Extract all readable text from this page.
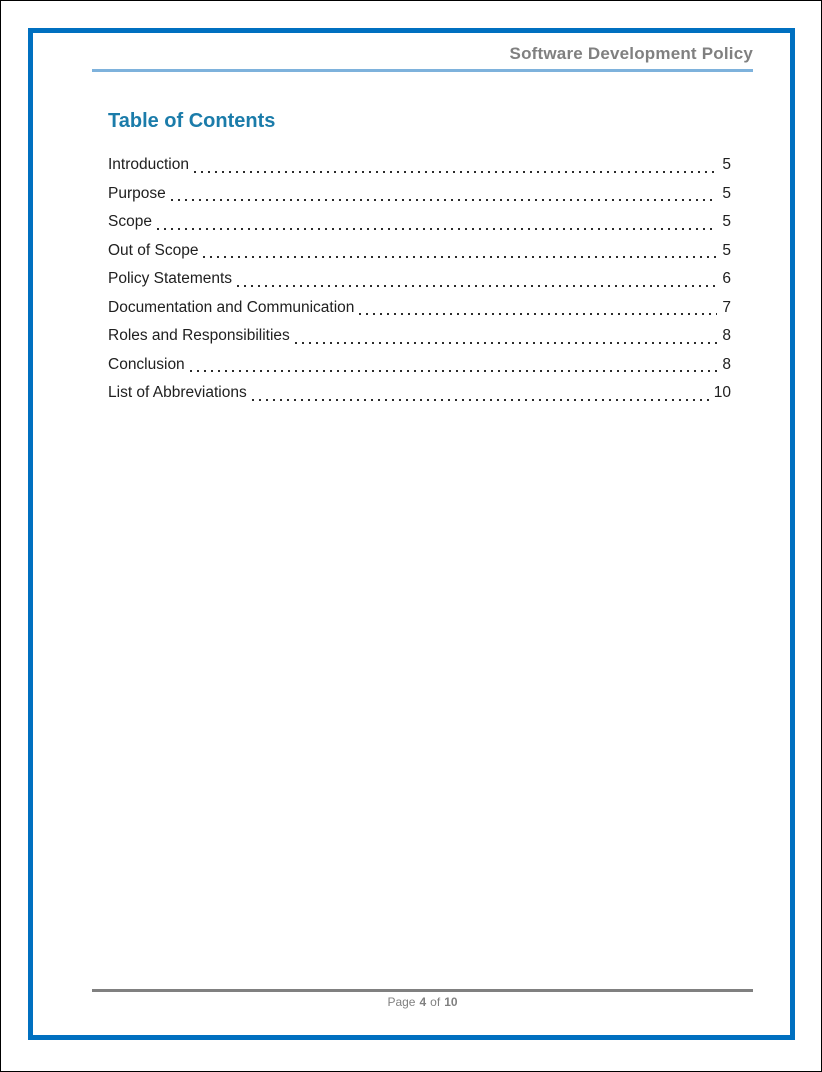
Software Development Policy
Table of Contents
Introduction	5
Purpose	5
Scope	5
Out of Scope	5
Policy Statements	6
Documentation and Communication	7
Roles and Responsibilities	8
Conclusion	8
List of Abbreviations	10
Page 4 of 10
